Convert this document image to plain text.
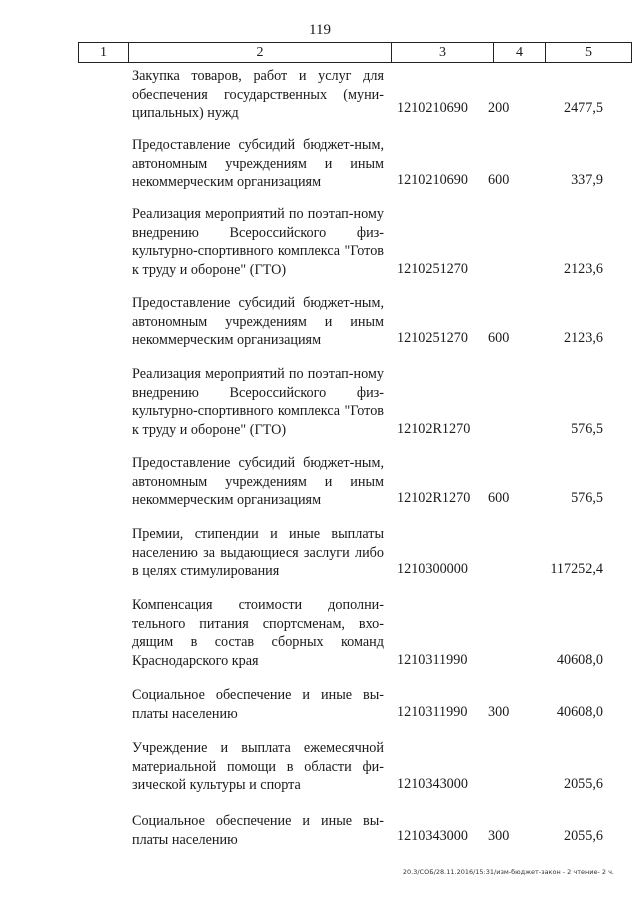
119
1	2	3	4	5
Закупка товаров, работ и услуг для обеспечения государственных (муни-ципальных) нужд	1210210690 200	2477,5
Предоставление субсидий бюджет-ным, автономным учреждениям и иным некоммерческим организациям	1210210690 600	337,9
Реализация мероприятий по поэтап-ному внедрению Всероссийского физ-культурно-спортивного комплекса "Готов к труду и обороне" (ГТО)	1210251270	2123,6
Предоставление субсидий бюджет-ным, автономным учреждениям и иным некоммерческим организациям	1210251270 600	2123,6
Реализация мероприятий по поэтап-ному внедрению Всероссийского физ-культурно-спортивного комплекса "Готов к труду и обороне" (ГТО)	12102R1270	576,5
Предоставление субсидий бюджет-ным, автономным учреждениям и иным некоммерческим организациям	12102R1270 600	576,5
Премии, стипендии и иные выплаты населению за выдающиеся заслуги либо в целях стимулирования	1210300000	117252,4
Компенсация стоимости дополни-тельного питания спортсменам, вхо-дящим в состав сборных команд Краснодарского края	1210311990	40608,0
Социальное обеспечение и иные вы-платы населению	1210311990 300	40608,0
Учреждение и выплата ежемесячной материальной помощи в области фи-зической культуры и спорта	1210343000	2055,6
Социальное обеспечение и иные вы-платы населению	1210343000 300	2055,6
20.3/СОБ/28.11.2016/15:31/изм-бюджет-закон - 2 чтение- 2 ч.
